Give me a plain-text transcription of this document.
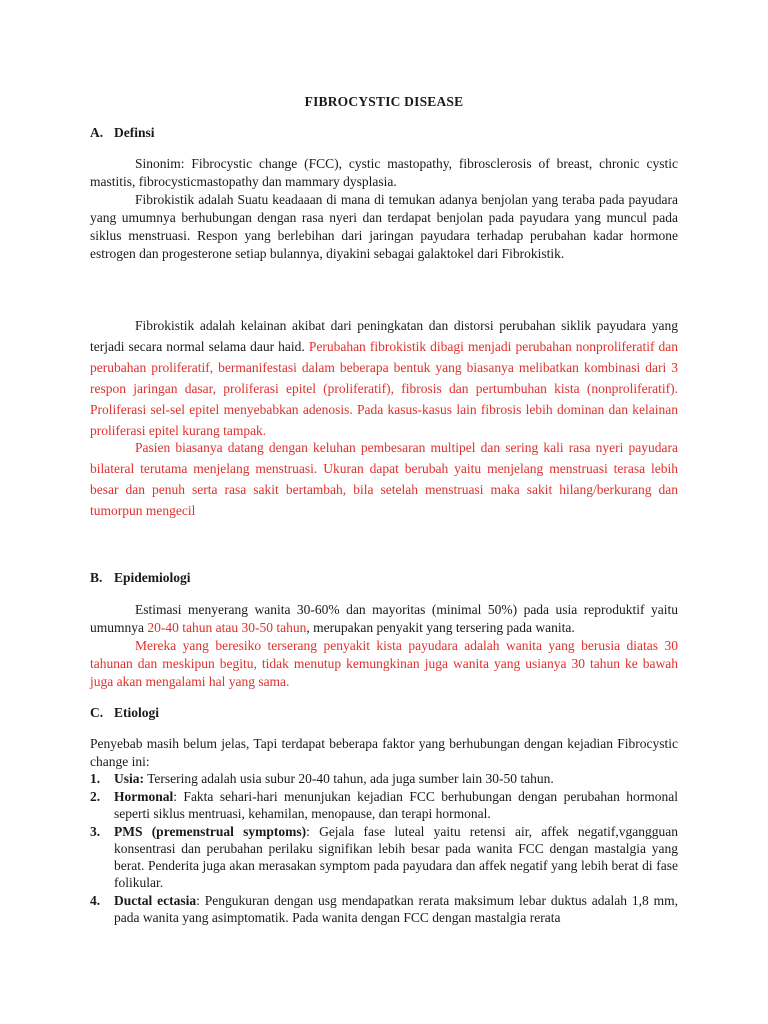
FIBROCYSTIC DISEASE
A. Definsi
Sinonim: Fibrocystic change (FCC), cystic mastopathy, fibrosclerosis of breast, chronic cystic mastitis, fibrocysticmastopathy dan mammary dysplasia.
Fibrokistik adalah Suatu keadaaan di mana di temukan adanya benjolan yang teraba pada payudara yang umumnya berhubungan dengan rasa nyeri dan terdapat benjolan pada payudara yang muncul pada siklus menstruasi. Respon yang berlebihan dari jaringan payudara terhadap perubahan kadar hormone estrogen dan progesterone setiap bulannya, diyakini sebagai galaktokel dari Fibrokistik.
Fibrokistik adalah kelainan akibat dari peningkatan dan distorsi perubahan siklik payudara yang terjadi secara normal selama daur haid. Perubahan fibrokistik dibagi menjadi perubahan nonproliferatif dan perubahan proliferatif, bermanifestasi dalam beberapa bentuk yang biasanya melibatkan kombinasi dari 3 respon jaringan dasar, proliferasi epitel (proliferatif), fibrosis dan pertumbuhan kista (nonproliferatif). Proliferasi sel-sel epitel menyebabkan adenosis. Pada kasus-kasus lain fibrosis lebih dominan dan kelainan proliferasi epitel kurang tampak.
Pasien biasanya datang dengan keluhan pembesaran multipel dan sering kali rasa nyeri payudara bilateral terutama menjelang menstruasi. Ukuran dapat berubah yaitu menjelang menstruasi terasa lebih besar dan penuh serta rasa sakit bertambah, bila setelah menstruasi maka sakit hilang/berkurang dan tumorpun mengecil
B. Epidemiologi
Estimasi menyerang wanita 30-60% dan mayoritas (minimal 50%) pada usia reproduktif yaitu umumnya 20-40 tahun atau 30-50 tahun, merupakan penyakit yang tersering pada wanita.
Mereka yang beresiko terserang penyakit kista payudara adalah wanita yang berusia diatas 30 tahunan dan meskipun begitu, tidak menutup kemungkinan juga wanita yang usianya 30 tahun ke bawah juga akan mengalami hal yang sama.
C. Etiologi
Penyebab masih belum jelas, Tapi terdapat beberapa faktor yang berhubungan dengan kejadian Fibrocystic change ini:
1. Usia: Tersering adalah usia subur 20-40 tahun, ada juga sumber lain 30-50 tahun.
2. Hormonal: Fakta sehari-hari menunjukan kejadian FCC berhubungan dengan perubahan hormonal seperti siklus mentruasi, kehamilan, menopause, dan terapi hormonal.
3. PMS (premenstrual symptoms): Gejala fase luteal yaitu retensi air, affek negatif,vgangguan konsentrasi dan perubahan perilaku signifikan lebih besar pada wanita FCC dengan mastalgia yang berat. Penderita juga akan merasakan symptom pada payudara dan affek negatif yang lebih berat di fase folikular.
4. Ductal ectasia: Pengukuran dengan usg mendapatkan rerata maksimum lebar duktus adalah 1,8 mm, pada wanita yang asimptomatik. Pada wanita dengan FCC dengan mastalgia rerata
